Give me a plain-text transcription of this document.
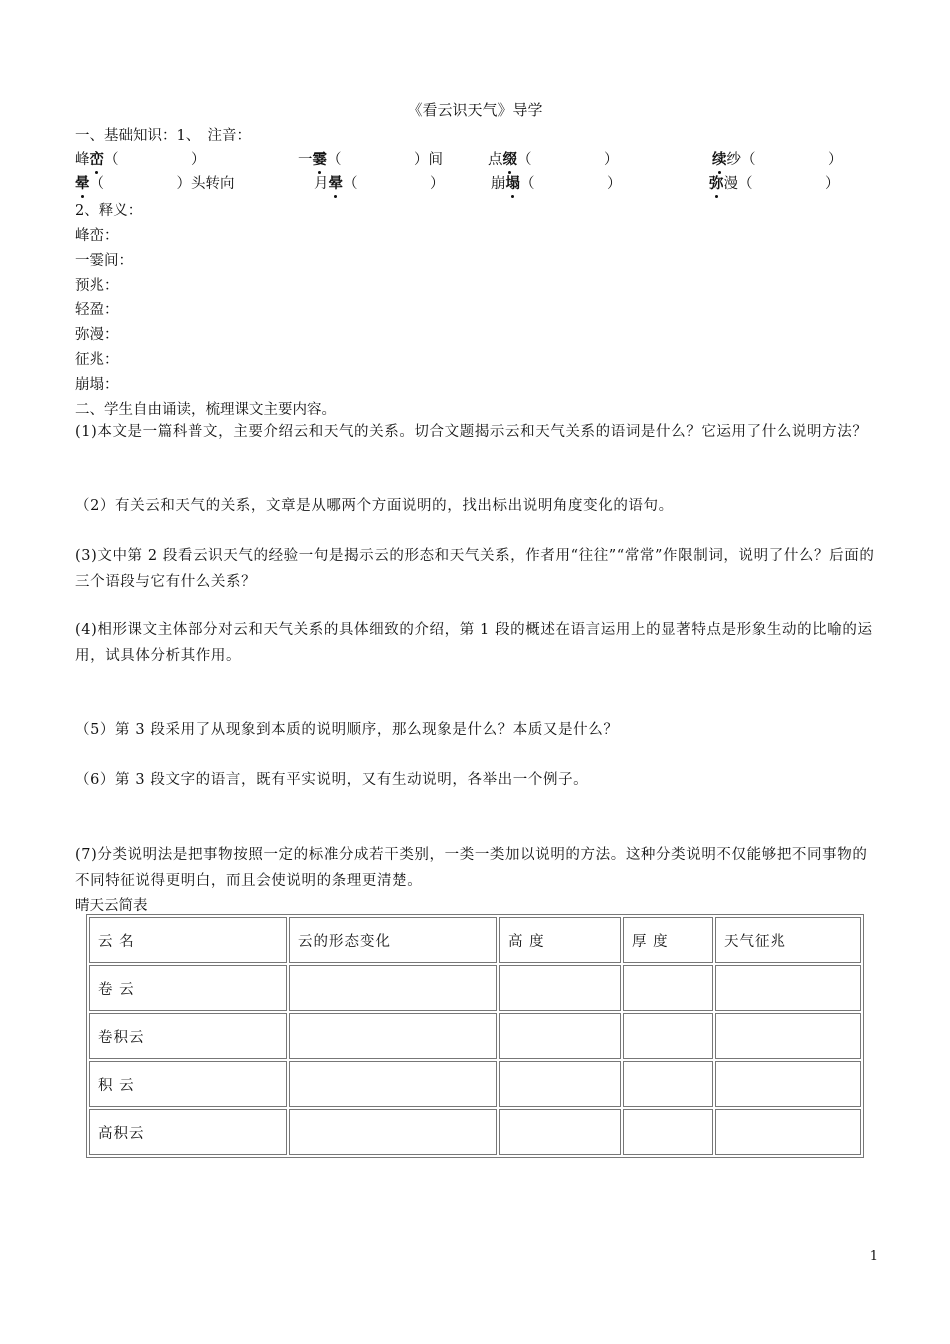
《看云识天气》导学
一、基础知识：1、　注音：
峰峦（　　　　　）	一霎（　　　　　）间	点缀（　　　　　）	续纱（　　　　　）
晕（　　　　　）头转向	月晕（　　　　　）	崩塌（　　　　　）	弥漫（　　　　　）
2、释义：
峰峦：
一霎间：
预兆：
轻盈：
弥漫：
征兆：
崩塌：
二、学生自由诵读，梳理课文主要内容。
(1)本文是一篇科普文，主要介绍云和天气的关系。切合文题揭示云和天气关系的语词是什么？它运用了什么说明方法？
（2）有关云和天气的关系，文章是从哪两个方面说明的，找出标出说明角度变化的语句。
(3)文中第 2 段看云识天气的经验一句是揭示云的形态和天气关系，作者用“往往”“常常”作限制词，说明了什么？后面的三个语段与它有什么关系？
(4)相形课文主体部分对云和天气关系的具体细致的介绍，第 1 段的概述在语言运用上的显著特点是形象生动的比喻的运用，试具体分析其作用。
（5）第 3 段采用了从现象到本质的说明顺序，那么现象是什么？本质又是什么？
（6）第 3 段文字的语言，既有平实说明，又有生动说明，各举出一个例子。
(7)分类说明法是把事物按照一定的标准分成若干类别，一类一类加以说明的方法。这种分类说明不仅能够把不同事物的不同特征说得更明白，而且会使说明的条理更清楚。
晴天云简表
云 名	云的形态变化	高 度	厚 度	天气征兆
卷 云				
卷积云				
积 云				
高积云				
1
